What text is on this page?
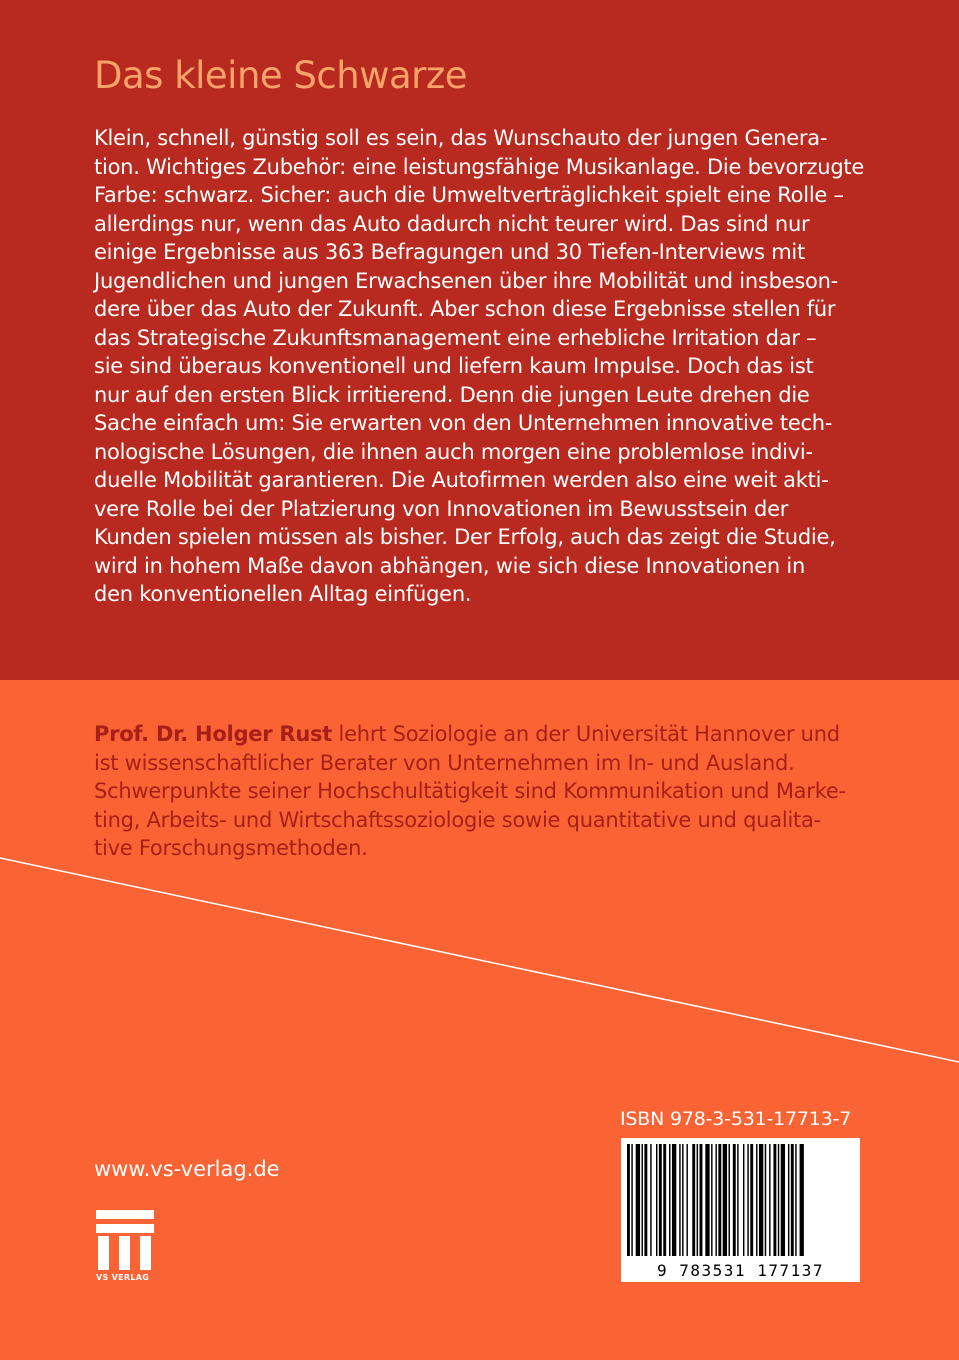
Das kleine Schwarze
Klein, schnell, günstig soll es sein, das Wunschauto der jungen Genera-
tion. Wichtiges Zubehör: eine leistungsfähige Musikanlage. Die bevorzugte
Farbe: schwarz. Sicher: auch die Umweltverträglichkeit spielt eine Rolle –
allerdings nur, wenn das Auto dadurch nicht teurer wird. Das sind nur
einige Ergebnisse aus 363 Befragungen und 30 Tiefen-Interviews mit
Jugendlichen und jungen Erwachsenen über ihre Mobilität und insbeson-
dere über das Auto der Zukunft. Aber schon diese Ergebnisse stellen für
das Strategische Zukunftsmanagement eine erhebliche Irritation dar –
sie sind überaus konventionell und liefern kaum Impulse. Doch das ist
nur auf den ersten Blick irritierend. Denn die jungen Leute drehen die
Sache einfach um: Sie erwarten von den Unternehmen innovative tech-
nologische Lösungen, die ihnen auch morgen eine problemlose indivi-
duelle Mobilität garantieren. Die Autofirmen werden also eine weit akti-
vere Rolle bei der Platzierung von Innovationen im Bewusstsein der
Kunden spielen müssen als bisher. Der Erfolg, auch das zeigt die Studie,
wird in hohem Maße davon abhängen, wie sich diese Innovationen in
den konventionellen Alltag einfügen.
Prof. Dr. Holger Rust lehrt Soziologie an der Universität Hannover und
ist wissenschaftlicher Berater von Unternehmen im In- und Ausland.
Schwerpunkte seiner Hochschultätigkeit sind Kommunikation und Marke-
ting, Arbeits- und Wirtschaftssoziologie sowie quantitative und qualita-
tive Forschungsmethoden.
ISBN 978-3-531-17713-7
9 783531 177137
www.vs-verlag.de
VS VERLAG
